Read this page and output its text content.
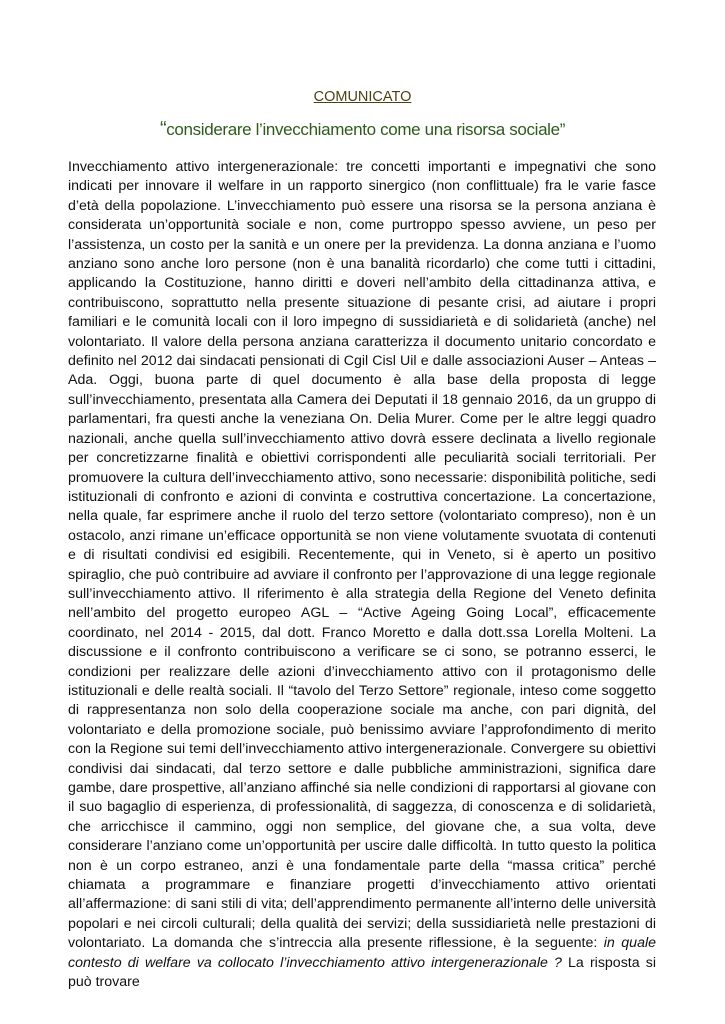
COMUNICATO
“considerare l’invecchiamento come una risorsa sociale”
Invecchiamento attivo intergenerazionale: tre concetti importanti e impegnativi che sono indicati per innovare il welfare in un rapporto sinergico (non conflittuale) fra le varie fasce d’età della popolazione. L’invecchiamento può essere una risorsa se la persona anziana è considerata un’opportunità sociale e non, come purtroppo spesso avviene, un peso per l’assistenza, un costo per la sanità e un onere per la previdenza. La donna anziana e l’uomo anziano sono anche loro persone (non è una banalità ricordarlo) che come tutti i cittadini, applicando la Costituzione, hanno diritti e doveri nell’ambito della cittadinanza attiva, e contribuiscono, soprattutto nella presente situazione di pesante crisi, ad aiutare i propri familiari e le comunità locali con il loro impegno di sussidiarietà e di solidarietà (anche) nel volontariato. Il valore della persona anziana caratterizza il documento unitario concordato e definito nel 2012 dai sindacati pensionati di Cgil Cisl Uil e dalle associazioni Auser – Anteas – Ada. Oggi, buona parte di quel documento è alla base della proposta di legge sull’invecchiamento, presentata alla Camera dei Deputati il 18 gennaio 2016, da un gruppo di parlamentari, fra questi anche la veneziana On. Delia Murer. Come per le altre leggi quadro nazionali, anche quella sull’invecchiamento attivo dovrà essere declinata a livello regionale per concretizzarne finalità e obiettivi corrispondenti alle peculiarità sociali territoriali. Per promuovere la cultura dell’invecchiamento attivo, sono necessarie: disponibilità politiche, sedi istituzionali di confronto e azioni di convinta e costruttiva concertazione. La concertazione, nella quale, far esprimere anche il ruolo del terzo settore (volontariato compreso), non è un ostacolo, anzi rimane un’efficace opportunità se non viene volutamente svuotata di contenuti e di risultati condivisi ed esigibili. Recentemente, qui in Veneto, si è aperto un positivo spiraglio, che può contribuire ad avviare il confronto per l’approvazione di una legge regionale sull’invecchiamento attivo. Il riferimento è alla strategia della Regione del Veneto definita nell’ambito del progetto europeo AGL – “Active Ageing Going Local”, efficacemente coordinato, nel 2014 - 2015, dal dott. Franco Moretto e dalla dott.ssa Lorella Molteni. La discussione e il confronto contribuiscono a verificare se ci sono, se potranno esserci, le condizioni per realizzare delle azioni d’invecchiamento attivo con il protagonismo delle istituzionali e delle realtà sociali. Il “tavolo del Terzo Settore” regionale, inteso come soggetto di rappresentanza non solo della cooperazione sociale ma anche, con pari dignità, del volontariato e della promozione sociale, può benissimo avviare l’approfondimento di merito con la Regione sui temi dell’invecchiamento attivo intergenerazionale. Convergere su obiettivi condivisi dai sindacati, dal terzo settore e dalle pubbliche amministrazioni, significa dare gambe, dare prospettive, all’anziano affinché sia nelle condizioni di rapportarsi al giovane con il suo bagaglio di esperienza, di professionalità, di saggezza, di conoscenza e di solidarietà, che arricchisce il cammino, oggi non semplice, del giovane che, a sua volta, deve considerare l’anziano come un’opportunità per uscire dalle difficoltà. In tutto questo la politica non è un corpo estraneo, anzi è una fondamentale parte della “massa critica” perché chiamata a programmare e finanziare progetti d’invecchiamento attivo orientati all’affermazione: di sani stili di vita; dell’apprendimento permanente all’interno delle università popolari e nei circoli culturali; della qualità dei servizi; della sussidiarietà nelle prestazioni di volontariato. La domanda che s’intreccia alla presente riflessione, è la seguente: in quale contesto di welfare va collocato l’invecchiamento attivo intergenerazionale ? La risposta si può trovare
